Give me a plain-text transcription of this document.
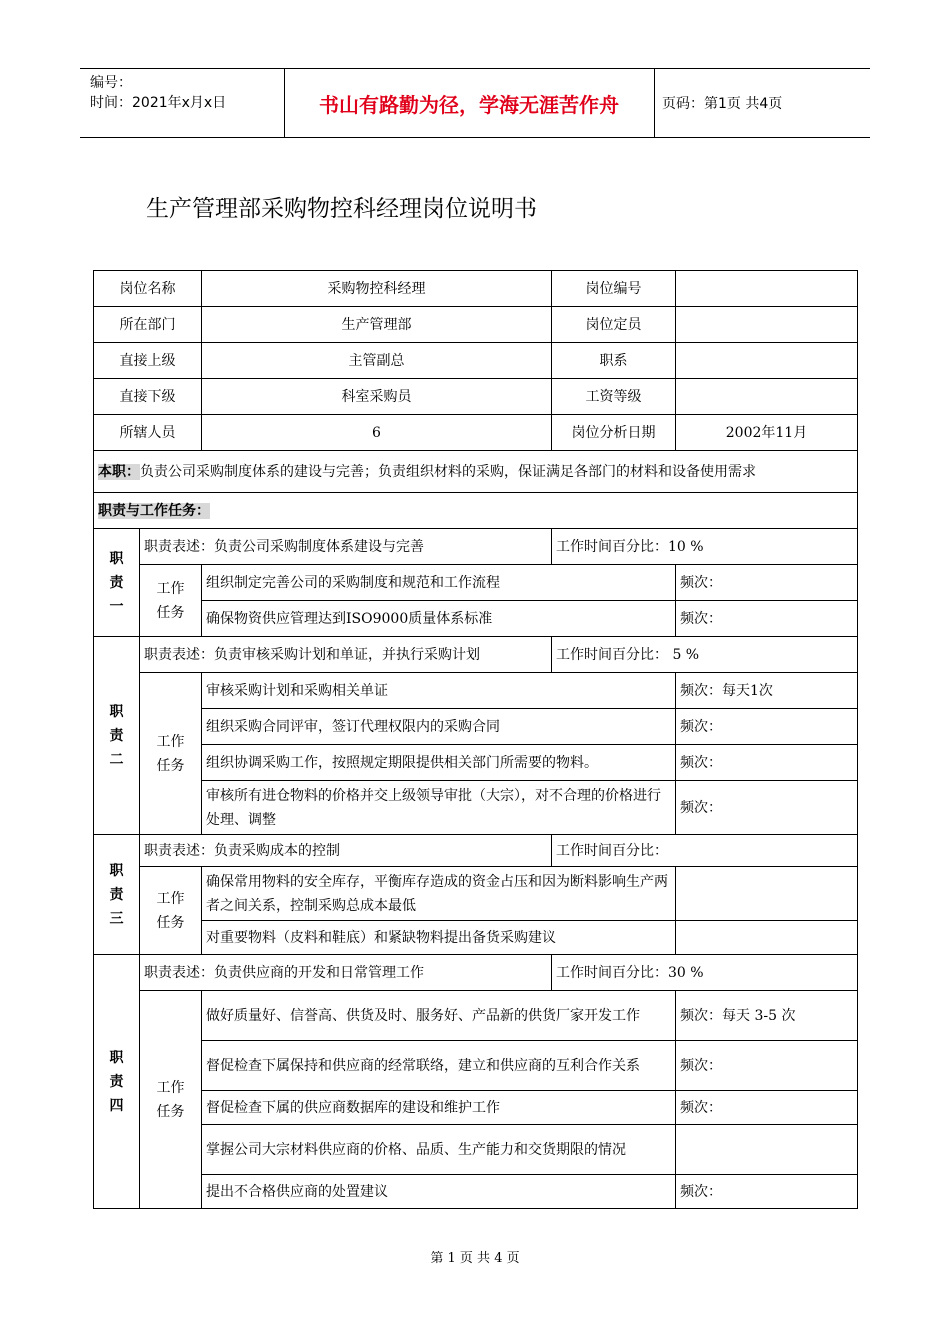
编号：
时间：2021年x月x日	书山有路勤为径，学海无涯苦作舟	页码：第1页 共4页
生产管理部采购物控科经理岗位说明书
岗位名称		采购物控科经理	岗位编号	
所在部门		生产管理部	岗位定员	
直接上级		主管副总	职系	
直接下级		科室采购员	工资等级	
所辖人员		6	岗位分析日期	2002年11月
本职：负责公司采购制度体系的建设与完善；负责组织材料的采购，保证满足各部门的材料和设备使用需求				
职责与工作任务：				
职
责
一	职责表述：负责公司采购制度体系建设与完善		工作时间百分比：10 %	

	工作
任务	组织制定完善公司的采购制度和规范和工作流程		频次：
		确保物资供应管理达到ISO9000质量体系标准		频次：
职
责
二	职责表述：负责审核采购计划和单证，并执行采购计划		工作时间百分比： 5 %	

	工作
任务	审核采购计划和采购相关单证		频次：每天1次
		组织采购合同评审，签订代理权限内的采购合同		频次：
		组织协调采购工作，按照规定期限提供相关部门所需要的物料。		频次：
		审核所有进仓物料的价格并交上级领导审批（大宗），对不合理的价格进行处理、调整		频次：
职
责
三	职责表述：负责采购成本的控制		工作时间百分比：	

	工作
任务	确保常用物料的安全库存，平衡库存造成的资金占压和因为断料影响生产两者之间关系，控制采购总成本最低		
		对重要物料（皮料和鞋底）和紧缺物料提出备货采购建议		
职
责
四	职责表述：负责供应商的开发和日常管理工作		工作时间百分比：30 %	

	工作
任务	做好质量好、信誉高、供货及时、服务好、产品新的供货厂家开发工作		频次：每天 3-5 次
		督促检查下属保持和供应商的经常联络，建立和供应商的互利合作关系		频次：
		督促检查下属的供应商数据库的建设和维护工作		频次：
		掌握公司大宗材料供应商的价格、品质、生产能力和交货期限的情况		
		提出不合格供应商的处置建议		频次：
第 1 页 共 4 页
